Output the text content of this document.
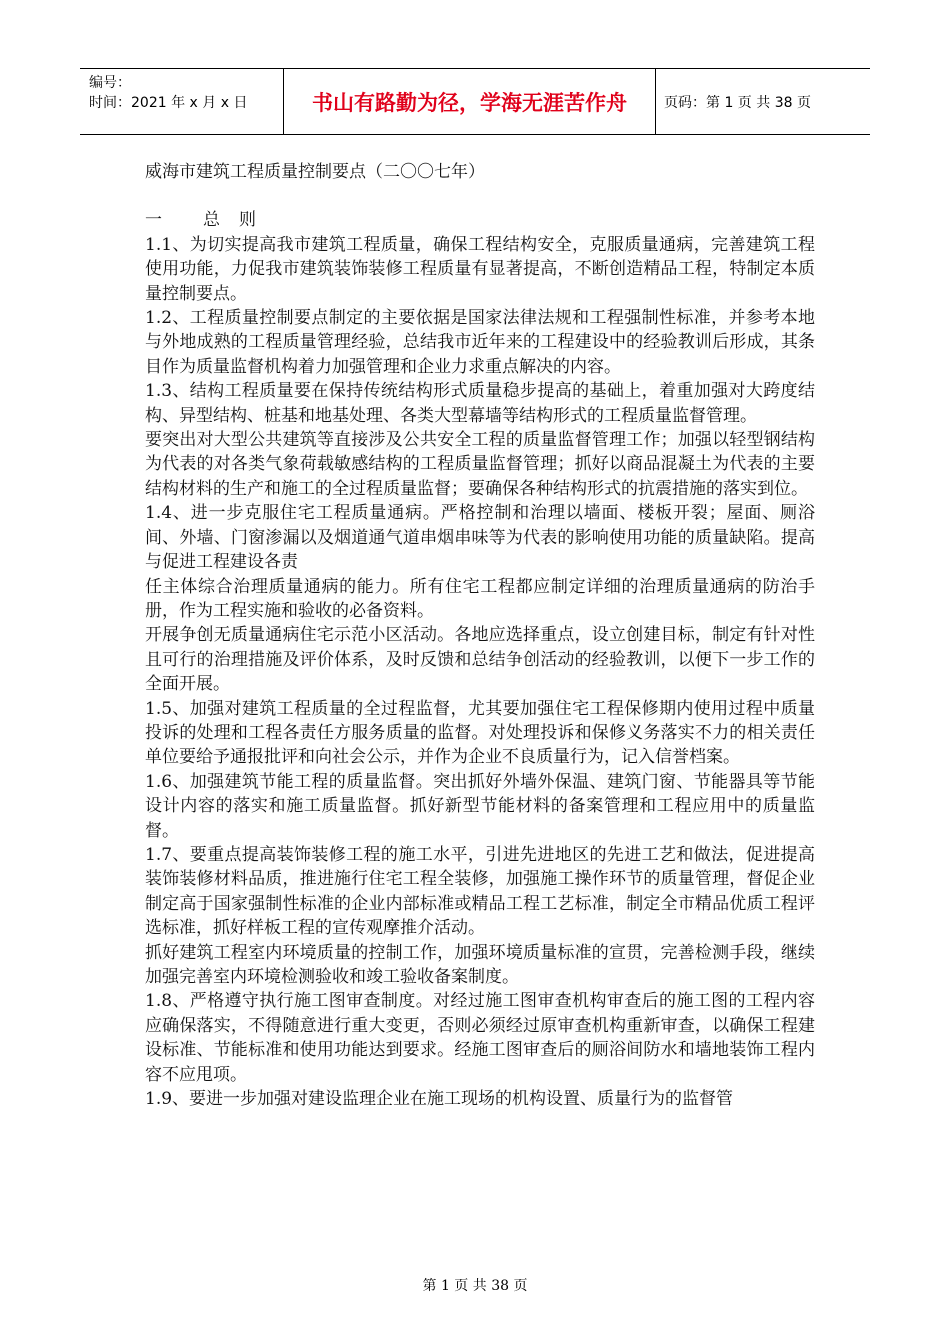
编号：
时间：2021 年 x 月 x 日	书山有路勤为径，学海无涯苦作舟	页码：第 1 页 共 38 页

威海市建筑工程质量控制要点（二〇〇七年）

一 总　则

1.1、为切实提高我市建筑工程质量，确保工程结构安全，克服质量通病，完善建筑工程使用功能，力促我市建筑装饰装修工程质量有显著提高，不断创造精品工程，特制定本质量控制要点。

1.2、工程质量控制要点制定的主要依据是国家法律法规和工程强制性标准，并参考本地与外地成熟的工程质量管理经验，总结我市近年来的工程建设中的经验教训后形成，其条目作为质量监督机构着力加强管理和企业力求重点解决的内容。

1.3、结构工程质量要在保持传统结构形式质量稳步提高的基础上，着重加强对大跨度结构、异型结构、桩基和地基处理、各类大型幕墙等结构形式的工程质量监督管理。

要突出对大型公共建筑等直接涉及公共安全工程的质量监督管理工作；加强以轻型钢结构为代表的对各类气象荷载敏感结构的工程质量监督管理；抓好以商品混凝土为代表的主要结构材料的生产和施工的全过程质量监督；要确保各种结构形式的抗震措施的落实到位。

1.4、进一步克服住宅工程质量通病。严格控制和治理以墙面、楼板开裂；屋面、厕浴间、外墙、门窗渗漏以及烟道通气道串烟串味等为代表的影响使用功能的质量缺陷。提高与促进工程建设各责

任主体综合治理质量通病的能力。所有住宅工程都应制定详细的治理质量通病的防治手册，作为工程实施和验收的必备资料。

开展争创无质量通病住宅示范小区活动。各地应选择重点，设立创建目标，制定有针对性且可行的治理措施及评价体系，及时反馈和总结争创活动的经验教训，以便下一步工作的全面开展。

1.5、加强对建筑工程质量的全过程监督，尤其要加强住宅工程保修期内使用过程中质量投诉的处理和工程各责任方服务质量的监督。对处理投诉和保修义务落实不力的相关责任单位要给予通报批评和向社会公示，并作为企业不良质量行为，记入信誉档案。

1.6、加强建筑节能工程的质量监督。突出抓好外墙外保温、建筑门窗、节能器具等节能设计内容的落实和施工质量监督。抓好新型节能材料的备案管理和工程应用中的质量监督。

1.7、要重点提高装饰装修工程的施工水平，引进先进地区的先进工艺和做法，促进提高装饰装修材料品质，推进施行住宅工程全装修，加强施工操作环节的质量管理，督促企业制定高于国家强制性标准的企业内部标准或精品工程工艺标准，制定全市精品优质工程评选标准，抓好样板工程的宣传观摩推介活动。

抓好建筑工程室内环境质量的控制工作，加强环境质量标准的宣贯，完善检测手段，继续加强完善室内环境检测验收和竣工验收备案制度。

1.8、严格遵守执行施工图审查制度。对经过施工图审查机构审查后的施工图的工程内容应确保落实，不得随意进行重大变更，否则必须经过原审查机构重新审查，以确保工程建设标准、节能标准和使用功能达到要求。经施工图审查后的厕浴间防水和墙地装饰工程内容不应甩项。

1.9、要进一步加强对建设监理企业在施工现场的机构设置、质量行为的监督管

第 1 页 共 38 页
